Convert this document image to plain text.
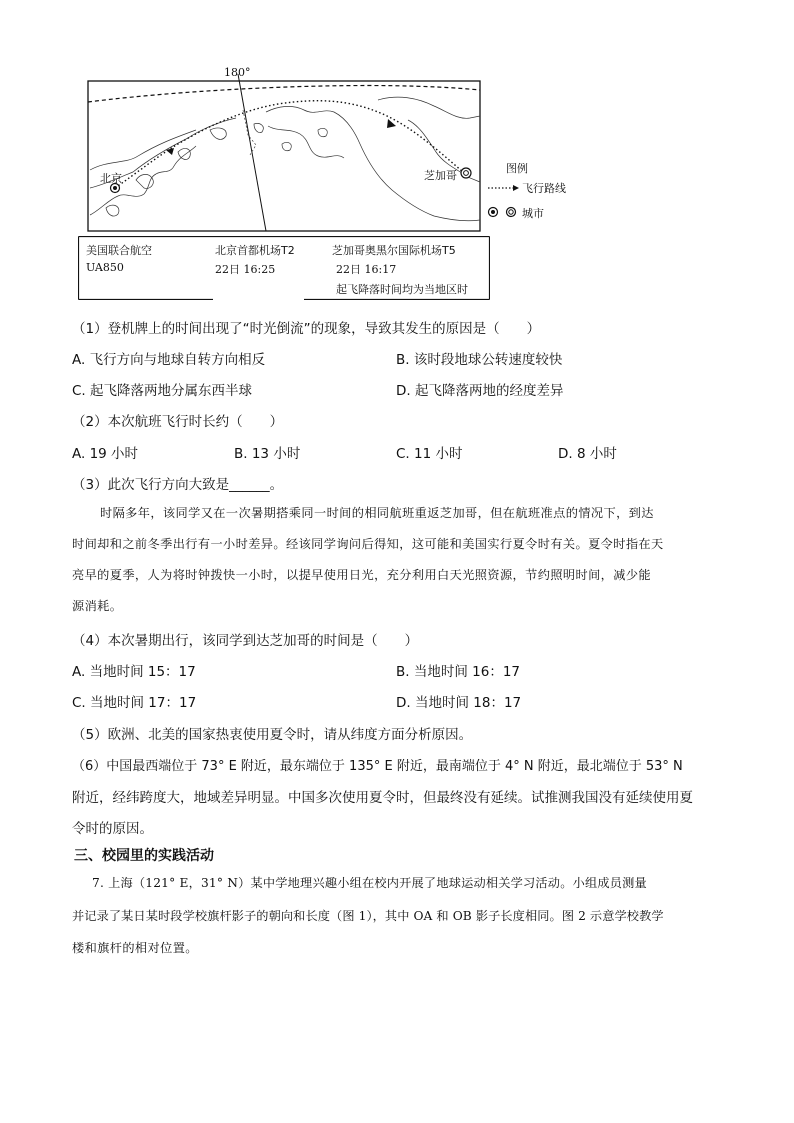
180°
北京	芝加哥
图例
飞行路线
城市
美国联合航空
UA850
北京首都机场T2
22日 16:25
芝加哥奥黑尔国际机场T5
22日 16:17
起飞降落时间均为当地区时
（1）登机牌上的时间出现了“时光倒流”的现象，导致其发生的原因是（　　）
A. 飞行方向与地球自转方向相反	B. 该时段地球公转速度较快
C. 起飞降落两地分属东西半球	D. 起飞降落两地的经度差异
（2）本次航班飞行时长约（　　）
A. 19 小时	B. 13 小时	C. 11 小时	D. 8 小时
（3）此次飞行方向大致是______。
时隔多年，该同学又在一次暑期搭乘同一时间的相同航班重返芝加哥，但在航班准点的情况下，到达
时间却和之前冬季出行有一小时差异。经该同学询问后得知，这可能和美国实行夏令时有关。夏令时指在天
亮早的夏季，人为将时钟拨快一小时，以提早使用日光，充分利用白天光照资源，节约照明时间，减少能
源消耗。
（4）本次暑期出行，该同学到达芝加哥的时间是（　　）
A. 当地时间 15：17	B. 当地时间 16：17
C. 当地时间 17：17	D. 当地时间 18：17
（5）欧洲、北美的国家热衷使用夏令时，请从纬度方面分析原因。
（6）中国最西端位于 73° E 附近，最东端位于 135° E 附近，最南端位于 4° N 附近，最北端位于 53° N
附近，经纬跨度大，地域差异明显。中国多次使用夏令时，但最终没有延续。试推测我国没有延续使用夏
令时的原因。
三、校园里的实践活动
7. 上海（121° E，31° N）某中学地理兴趣小组在校内开展了地球运动相关学习活动。小组成员测量
并记录了某日某时段学校旗杆影子的朝向和长度（图 1），其中 OA 和 OB 影子长度相同。图 2 示意学校教学
楼和旗杆的相对位置。
